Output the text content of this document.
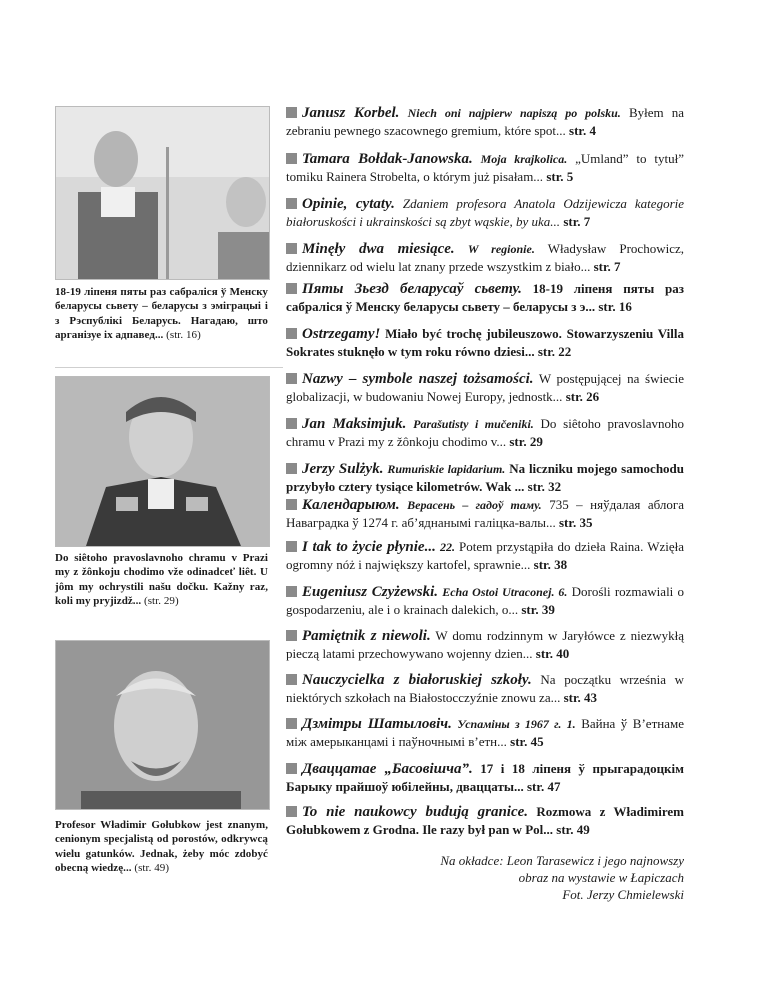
18-19 ліпеня пяты раз сабраліся ў Менску беларусы сьвету – беларусы з эміграцыі і з Рэспублікі Беларусь. Нагадаю, што арганізуе іх адпавед... (str. 16)
Do siêtoho pravoslavnoho chramu v Prazi my z žônkoju chodimo vže odinadceť liêt. U jôm my ochrystili našu dočku. Kažny raz, koli my pryjizdž... (str. 29)
Profesor Władimir Gołubkow jest znanym, cenionym specjalistą od porostów, odkrywcą wielu gatunków. Jednak, żeby móc zdobyć obecną wiedzę... (str. 49)
Janusz Korbel. Niech oni najpierw napiszą po polsku. Byłem na zebraniu pewnego szacownego gremium, które spot... str. 4
Tamara Bołdak-Janowska. Moja krajkolica. „Umland” to tytuł” tomiku Rainera Strobelta, o którym już pisałam... str. 5
Opinie, cytaty. Zdaniem profesora Anatola Odzijewicza kategorie białoruskości i ukrainskości są zbyt wąskie, by uka... str. 7
Minęły dwa miesiące. W regionie. Władysław Prochowicz, dziennikarz od wielu lat znany przede wszystkim z biało... str. 7
Пяты Зьезд беларусаў сьвету. 18-19 ліпеня пяты раз сабраліся ў Менску беларусы сьвету – беларусы з э... str. 16
Ostrzegamy! Miało być trochę jubileuszowo. Stowarzyszeniu Villa Sokrates stuknęło w tym roku równo dziesi... str. 22
Nazwy – symbole naszej tożsamości. W postępującej na świecie globalizacji, w budowaniu Nowej Europy, jednostk... str. 26
Jan Maksimjuk. Parašutisty i mučeniki. Do siêtoho pravoslavnoho chramu v Prazi my z žônkoju chodimo v... str. 29
Jerzy Sulżyk. Rumuńskie lapidarium. Na liczniku mojego samochodu przybyło cztery tysiące kilometrów. Wak ... str. 32
Календарыюм. Верасень – гадоў таму. 735 – няўдалая аблога Наваградка ў 1274 г. аб’яднанымі галіцка-валы... str. 35
I tak to życie płynie... 22. Potem przystąpiła do dzieła Raina. Wzięła ogromny nóż i największy kartofel, sprawnie... str. 38
Eugeniusz Czyżewski. Echa Ostoi Utraconej. 6. Dorośli rozmawiali o gospodarzeniu, ale i o krainach dalekich, o... str. 39
Pamiętnik z niewoli. W domu rodzinnym w Jaryłówce z niezwykłą pieczą latami przechowywano wojenny dzien... str. 40
Nauczycielka z białoruskiej szkoły. Na początku września w niektórych szkołach na Białostocczyźnie znowu za... str. 43
Дзмітры Шатыловіч. Успаміны з 1967 г. 1. Вайна ў В’етнаме між амерыканцамі і паўночнымі в’етн... str. 45
Двaццатае „Басовішча”. 17 і 18 ліпеня ў прыгарадоцкім Барыку прайшоў юбілейны, дваццаты... str. 47
To nie naukowcy budują granice. Rozmowa z Władimirem Gołubkowem z Grodna. Ile razy był pan w Pol... str. 49
Na okładce: Leon Tarasewicz i jego najnowszy
obraz na wystawie w Łapiczach
Fot. Jerzy Chmielewski
